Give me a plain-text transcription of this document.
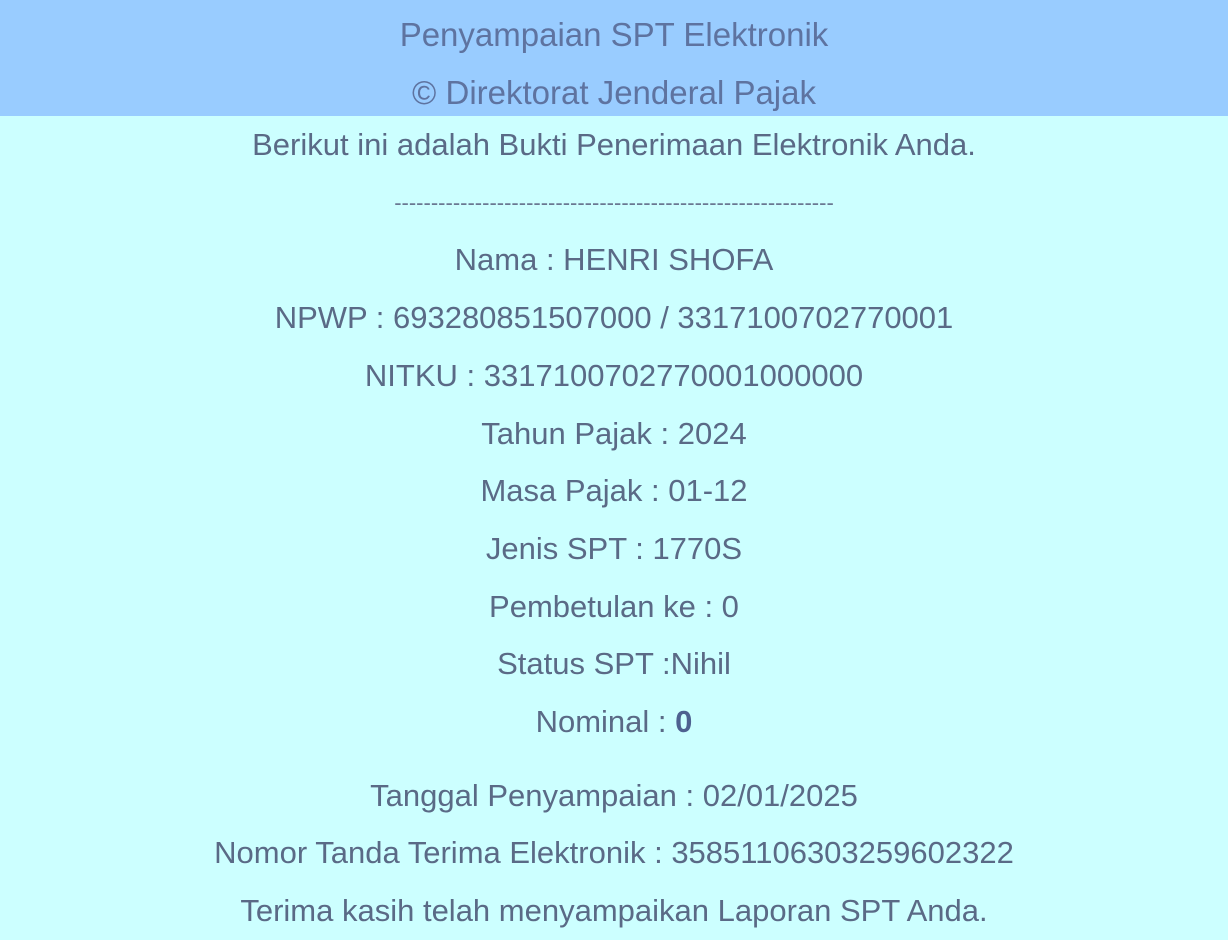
Penyampaian SPT Elektronik
© Direktorat Jenderal Pajak
Berikut ini adalah Bukti Penerimaan Elektronik Anda.
------------------------------------------------------------
Nama : HENRI SHOFA
NPWP : 693280851507000 / 3317100702770001
NITKU : 3317100702770001000000
Tahun Pajak : 2024
Masa Pajak : 01-12
Jenis SPT : 1770S
Pembetulan ke : 0
Status SPT :Nihil
Nominal : 0
Tanggal Penyampaian : 02/01/2025
Nomor Tanda Terima Elektronik : 358511063032596023​22
Terima kasih telah menyampaikan Laporan SPT Anda.
